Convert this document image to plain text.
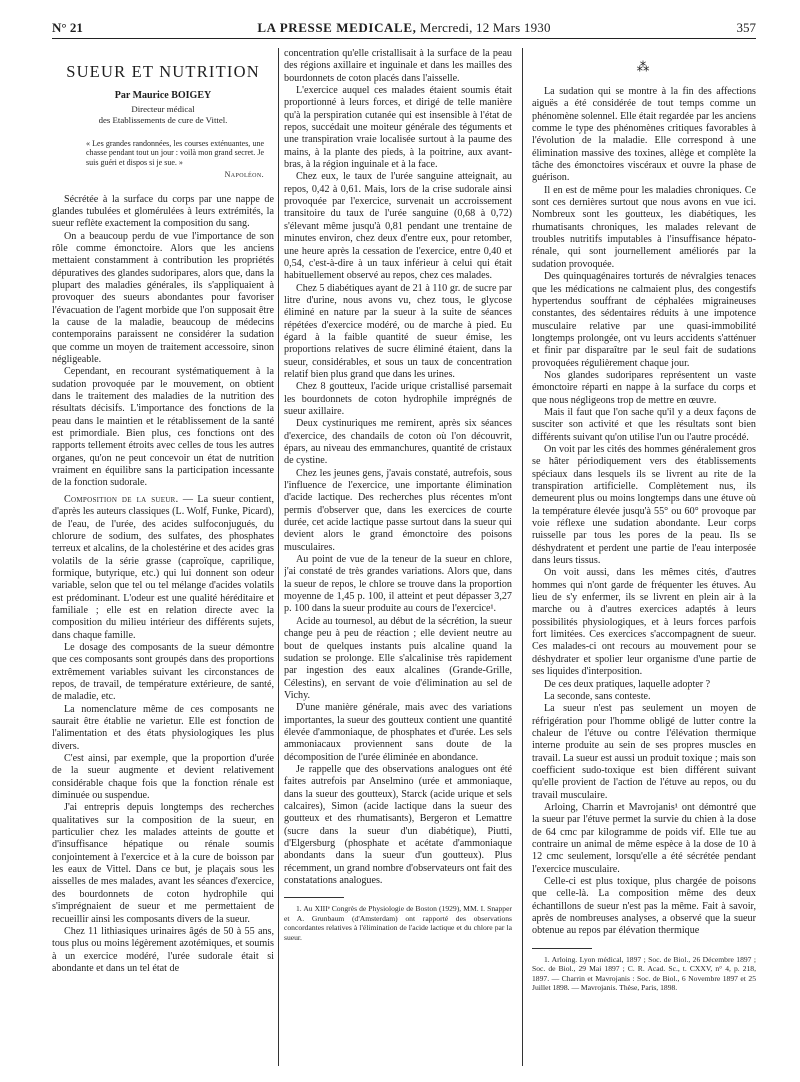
N° 21	LA PRESSE MEDICALE, Mercredi, 12 Mars 1930	357
SUEUR ET NUTRITION
Par Maurice BOIGEY
Directeur médical
des Etablissements de cure de Vittel.
« Les grandes randonnées, les courses exténuantes, une chasse pendant tout un jour : voilà mon grand secret. Je suis guéri et dispos si je sue. »
Napoléon.

Sécrétée à la surface du corps par une nappe de glandes tubulées et glomérulées à leurs extrémités, la sueur reflète exactement la composition du sang.

On a beaucoup perdu de vue l'importance de son rôle comme émonctoire. Alors que les anciens mettaient constamment à contribution les propriétés dépuratives des glandes sudoripares, alors que, dans la plupart des maladies générales, ils s'appliquaient à provoquer des sueurs abondantes pour favoriser l'évacuation de l'agent morbide que l'on supposait être la cause de la maladie, beaucoup de médecins contemporains paraissent ne considérer la sudation que comme un moyen de traitement accessoire, sinon négligeable.

Cependant, en recourant systématiquement à la sudation provoquée par le mouvement, on obtient dans le traitement des maladies de la nutrition des résultats décisifs. L'importance des fonctions de la peau dans le maintien et le rétablissement de la santé est primordiale. Bien plus, ces fonctions ont des rapports tellement étroits avec celles de tous les autres organes, qu'on ne peut concevoir un état de nutrition vraiment en équilibre sans la participation incessante de la fonction sudorale.

Composition de la sueur. — La sueur contient, d'après les auteurs classiques (L. Wolf, Funke, Picard), de l'eau, de l'urée, des acides sulfoconjugués, du chlorure de sodium, des sulfates, des phosphates terreux et alcalins, de la cholestérine et des acides gras volatils de la série grasse (caproïque, caprilique, formique, butyrique, etc.) qui lui donnent son odeur variable, selon que tel ou tel mélange d'acides volatils est prédominant. L'odeur est une qualité héréditaire et familiale ; elle est en relation directe avec la composition du milieu intérieur des différents sujets, dans chaque famille.

Le dosage des composants de la sueur démontre que ces composants sont groupés dans des proportions extrêmement variables suivant les circonstances de repos, de travail, de température extérieure, de santé, de maladie, etc.

La nomenclature même de ces composants ne saurait être établie ne varietur. Elle est fonction de l'alimentation et des états physiologiques les plus divers.

C'est ainsi, par exemple, que la proportion d'urée de la sueur augmente et devient relativement considérable chaque fois que la fonction rénale est diminuée ou suspendue.

J'ai entrepris depuis longtemps des recherches qualitatives sur la composition de la sueur, en particulier chez les malades atteints de goutte et d'insuffisance hépatique ou rénale soumis conjointement à l'exercice et à la cure de boisson par les eaux de Vittel. Dans ce but, je plaçais sous les aisselles de mes malades, avant les séances d'exercice, des bourdonnets de coton hydrophile qui s'imprégnaient de sueur et me permettaient de recueillir ainsi les composants divers de la sueur.

Chez 11 lithiasiques urinaires âgés de 50 à 55 ans, tous plus ou moins légèrement azotémiques, et soumis à un exercice modéré, l'urée sudorale était si abondante et dans un tel état de

concentration qu'elle cristallisait à la surface de la peau des régions axillaire et inguinale et dans les mailles des bourdonnets de coton placés dans l'aisselle.

L'exercice auquel ces malades étaient soumis était proportionné à leurs forces, et dirigé de telle manière qu'à la perspiration cutanée qui est insensible à l'état de repos, succédait une moiteur générale des téguments et une transpiration vraie localisée surtout à la paume des mains, à la plante des pieds, à la poitrine, aux avant-bras, à la région inguinale et à la face.

Chez eux, le taux de l'urée sanguine atteignait, au repos, 0,42 à 0,61. Mais, lors de la crise sudorale ainsi provoquée par l'exercice, survenait un accroissement transitoire du taux de l'urée sanguine (0,68 à 0,72) s'élevant même jusqu'à 0,81 pendant une trentaine de minutes environ, chez deux d'entre eux, pour retomber, une heure après la cessation de l'exercice, entre 0,40 et 0,54, c'est-à-dire à un taux inférieur à celui qui était habituellement observé au repos, chez ces malades.

Chez 5 diabétiques ayant de 21 à 110 gr. de sucre par litre d'urine, nous avons vu, chez tous, le glycose éliminé en nature par la sueur à la suite de séances répétées d'exercice modéré, ou de marche à pied. Eu égard à la faible quantité de sueur émise, les proportions relatives de sucre éliminé étaient, dans la sueur, considérables, et sous un taux de concentration relatif bien plus grand que dans les urines.

Chez 8 goutteux, l'acide urique cristallisé parsemait les bourdonnets de coton hydrophile imprégnés de sueur axillaire.

Deux cystinuriques me remirent, après six séances d'exercice, des chandails de coton où l'on découvrit, épars, au niveau des emmanchures, quantité de cristaux de cystine.

Chez les jeunes gens, j'avais constaté, autrefois, sous l'influence de l'exercice, une importante élimination d'acide lactique. Des recherches plus récentes m'ont permis d'observer que, dans les exercices de courte durée, cet acide lactique passe surtout dans la sueur qui devient alors le grand émonctoire des poisons musculaires.

Au point de vue de la teneur de la sueur en chlore, j'ai constaté de très grandes variations. Alors que, dans la sueur de repos, le chlore se trouve dans la proportion moyenne de 1,45 p. 100, il atteint et peut dépasser 3,27 p. 100 dans la sueur produite au cours de l'exercice¹.

Acide au tournesol, au début de la sécrétion, la sueur change peu à peu de réaction ; elle devient neutre au bout de quelques instants puis alcaline quand la sudation se prolonge. Elle s'alcalinise très rapidement par ingestion des eaux alcalines (Grande-Grille, Célestins), en servant de voie d'élimination au sel de Vichy.

D'une manière générale, mais avec des variations importantes, la sueur des goutteux contient une quantité élevée d'ammoniaque, de phosphates et d'urée. Les sels ammoniacaux proviennent sans doute de la décomposition de l'urée éliminée en abondance.

Je rappelle que des observations analogues ont été faites autrefois par Anselmino (urée et ammoniaque, dans la sueur des goutteux), Starck (acide urique et sels calcaires), Simon (acide lactique dans la sueur des goutteux et des rhumatisants), Bergeron et Lemattre (sucre dans la sueur d'un diabétique), Piutti, d'Elgersburg (phosphate et acétate d'ammoniaque abondants dans la sueur d'un goutteux). Plus récemment, un grand nombre d'observateurs ont fait des constatations analogues.

1. Au XIIIᵉ Congrès de Physiologie de Boston (1929), MM. I. Snapper et A. Grunbaum (d'Amsterdam) ont rapporté des observations concordantes relatives à l'élimination de l'acide lactique et du chlore par la sueur.

⁂

La sudation qui se montre à la fin des affections aiguës a été considérée de tout temps comme un phénomène solennel. Elle était regardée par les anciens comme le type des phénomènes critiques favorables à l'évolution de la maladie. Elle correspond à une élimination massive des toxines, allège et complète la tâche des émonctoires viscéraux et ouvre la phase de guérison.

Il en est de même pour les maladies chroniques. Ce sont ces dernières surtout que nous avons en vue ici. Nombreux sont les goutteux, les diabétiques, les rhumatisants chroniques, les malades relevant de troubles nutritifs imputables à l'insuffisance hépato-rénale, qui sont journellement améliorés par la sudation provoquée.

Des quinquagénaires torturés de névralgies tenaces que les médications ne calmaient plus, des congestifs hypertendus souffrant de céphalées migraineuses constantes, des sédentaires réduits à une impotence musculaire relative par une quasi-immobilité longtemps prolongée, ont vu leurs accidents s'atténuer et finir par disparaître par le seul fait de sudations provoquées régulièrement chaque jour.

Nos glandes sudoripares représentent un vaste émonctoire réparti en nappe à la surface du corps et que nous négligeons trop de mettre en œuvre.

Mais il faut que l'on sache qu'il y a deux façons de susciter son activité et que les résultats sont bien différents suivant qu'on utilise l'un ou l'autre procédé.

On voit par les cités des hommes généralement gros se hâter périodiquement vers des établissements spéciaux dans lesquels ils se livrent au rite de la transpiration artificielle. Complètement nus, ils demeurent plus ou moins longtemps dans une étuve où la température élevée jusqu'à 55° ou 60° provoque par voie réflexe une sudation abondante. Leur corps ruisselle par tous les pores de la peau. Ils se déshydratent et perdent une partie de l'eau interposée dans leurs tissus.

On voit aussi, dans les mêmes cités, d'autres hommes qui n'ont garde de fréquenter les étuves. Au lieu de s'y enfermer, ils se livrent en plein air à la marche ou à d'autres exercices adaptés à leurs possibilités physiologiques, et à leurs forces parfois fort limitées. Ces exercices s'accompagnent de sueur. Ces malades-ci ont recours au mouvement pour se déshydrater et spolier leur organisme d'une partie de ses liquides d'interposition.

De ces deux pratiques, laquelle adopter ?

La seconde, sans conteste.

La sueur n'est pas seulement un moyen de réfrigération pour l'homme obligé de lutter contre la chaleur de l'étuve ou contre l'élévation thermique interne produite au sein de ses propres muscles en travail. La sueur est aussi un produit toxique ; mais son coefficient sudo-toxique est bien différent suivant qu'elle provient de l'action de l'étuve au repos, ou du travail musculaire.

Arloing, Charrin et Mavrojanis¹ ont démontré que la sueur par l'étuve permet la survie du chien à la dose de 64 cmc par kilogramme de poids vif. Elle tue au contraire un animal de même espèce à la dose de 10 à 12 cmc seulement, lorsqu'elle a été sécrétée pendant l'exercice musculaire.

Celle-ci est plus toxique, plus chargée de poisons que celle-là. La composition même des deux échantillons de sueur n'est pas la même. Fait à savoir, après de nombreuses analyses, a observé que la sueur obtenue au repos par élévation thermique

1. Arloing. Lyon médical, 1897 ; Soc. de Biol., 26 Décembre 1897 ; Soc. de Biol., 29 Mai 1897 ; C. R. Acad. Sc., t. CXXV, n° 4, p. 218, 1897. — Charrin et Mavrojanis : Soc. de Biol., 6 Novembre 1897 et 25 Juillet 1898. — Mavrojanis. Thèse, Paris, 1898.
